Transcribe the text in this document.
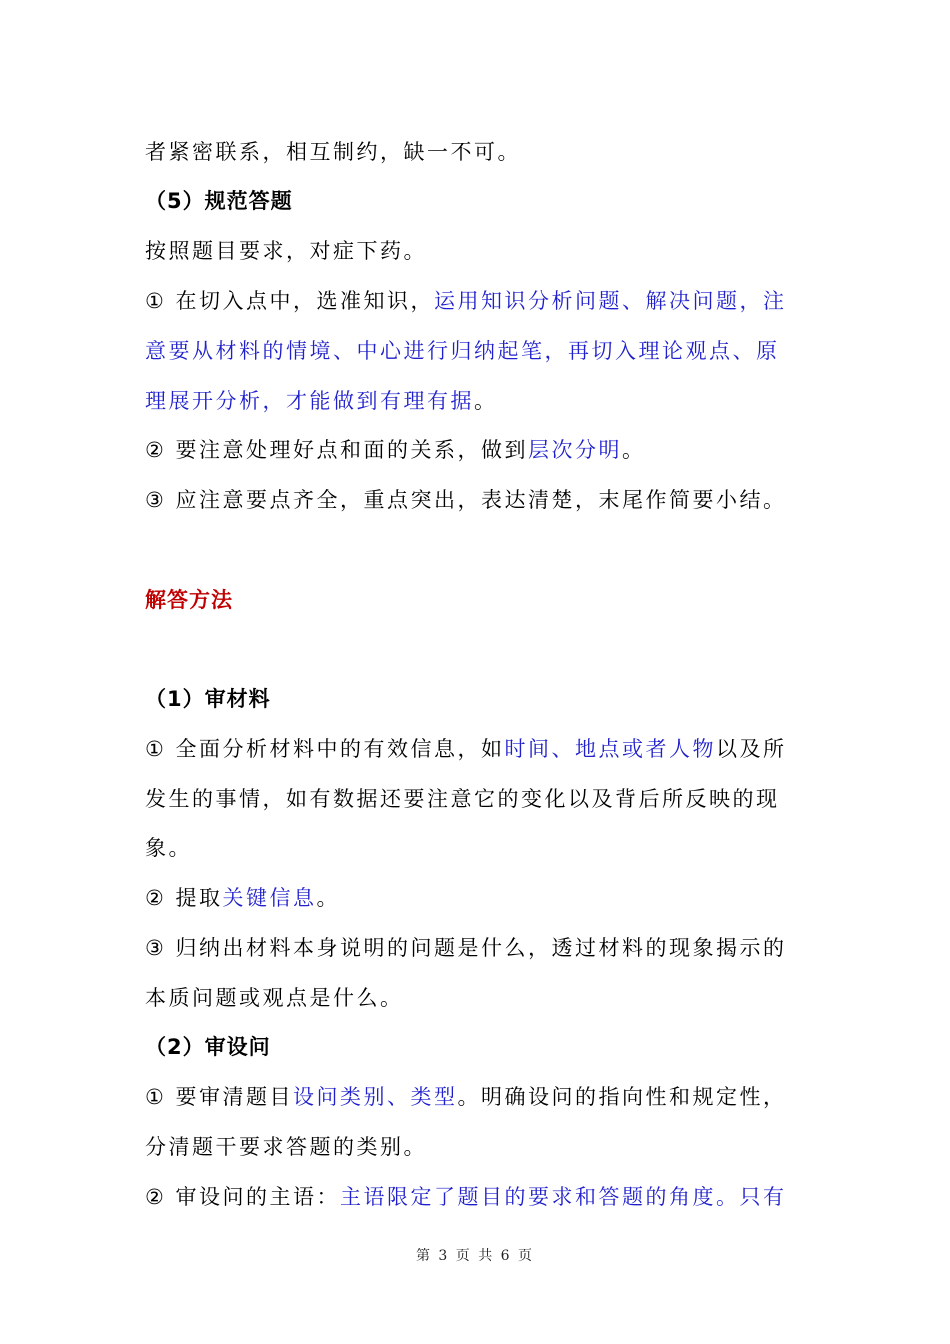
者紧密联系，相互制约，缺一不可。
（5）规范答题
按照题目要求，对症下药。
① 在切入点中，选准知识，运用知识分析问题、解决问题，注
意要从材料的情境、中心进行归纳起笔，再切入理论观点、原
理展开分析，才能做到有理有据。
② 要注意处理好点和面的关系，做到层次分明。
③ 应注意要点齐全，重点突出，表达清楚，末尾作简要小结。
解答方法
（1）审材料
① 全面分析材料中的有效信息，如时间、地点或者人物以及所
发生的事情，如有数据还要注意它的变化以及背后所反映的现
象。
② 提取关键信息。
③ 归纳出材料本身说明的问题是什么，透过材料的现象揭示的
本质问题或观点是什么。
（2）审设问
① 要审清题目设问类别、类型。明确设问的指向性和规定性，
分清题干要求答题的类别。
② 审设问的主语：主语限定了题目的要求和答题的角度。只有
第 3 页 共 6 页
